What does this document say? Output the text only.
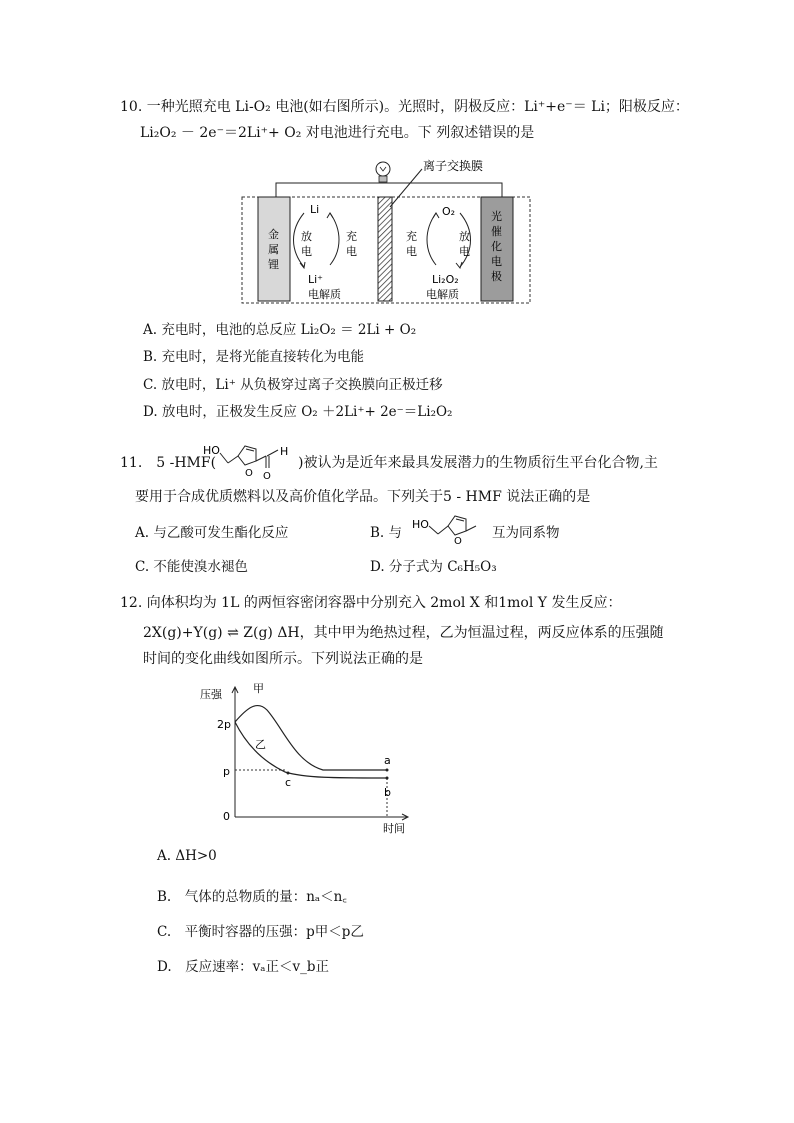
10. 一种光照充电 Li-O₂ 电池(如右图所示)。光照时，阴极反应：Li⁺+e⁻＝ Li；阳极反应：
Li₂O₂ － 2e⁻＝2Li⁺+ O₂ 对电池进行充电。下 列叙述错误的是
离子交换膜
金
属
锂
光
催
化
电
极
Li
Li⁺
放
电
充
电
电解质
O₂
Li₂O₂
充
电
放
电
电解质
A. 充电时，电池的总反应 Li₂O₂ ＝ 2Li + O₂
B. 充电时，是将光能直接转化为电能
C. 放电时，Li⁺ 从负极穿过离子交换膜向正极迁移
D. 放电时，正极发生反应 O₂ ＋2Li⁺+ 2e⁻＝Li₂O₂
11.　5 -HMF(
HO
O O
H
)被认为是近年来最具发展潜力的生物质衍生平台化合物,主
要用于合成优质燃料以及高价值化学品。下列关于5 - HMF 说法正确的是
A. 与乙酸可发生酯化反应	B. 与
HO
O
互为同系物
C. 不能使溴水褪色	D. 分子式为 C₆H₅O₃
12. 向体积均为 1L 的两恒容密闭容器中分别充入 2mol X 和1mol Y 发生反应：
2X(g)+Y(g) ⇌ Z(g) ΔH，其中甲为绝热过程，乙为恒温过程，两反应体系的压强随
时间的变化曲线如图所示。下列说法正确的是
压强
时间
2p
p
0
甲
乙
a
b
c
A. ΔH>0
B.　气体的总物质的量：nₐ＜n꜀
C.　平衡时容器的压强：p甲＜p乙
D.　反应速率：vₐ正＜v_b正
